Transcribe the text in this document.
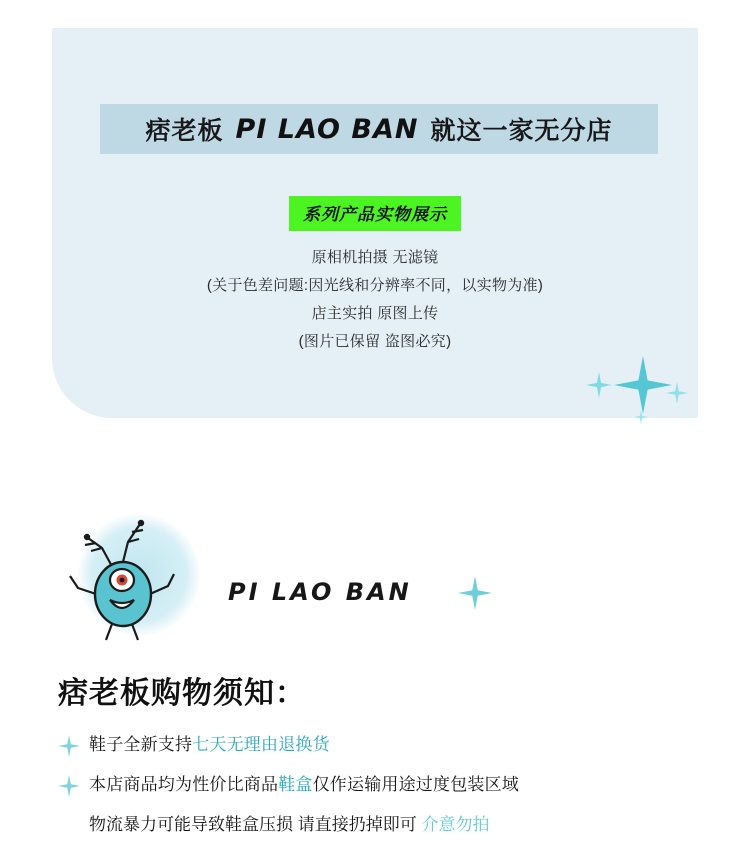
痞老板 PI LAO BAN 就这一家无分店
系列产品实物展示
原相机拍摄 无滤镜
(关于色差问题:因光线和分辨率不同，以实物为准)
店主实拍 原图上传
(图片已保留 盗图必究)
PI LAO BAN
痞老板购物须知：
鞋子全新支持七天无理由退换货
本店商品均为性价比商品鞋盒仅作运输用途过度包装区域
物流暴力可能导致鞋盒压损 请直接扔掉即可 介意勿拍
